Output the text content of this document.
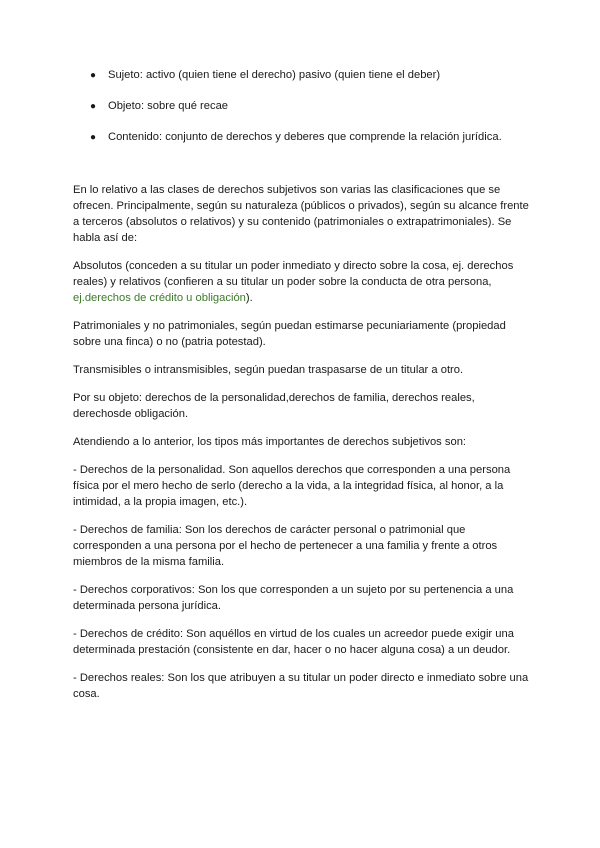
● Sujeto: activo (quien tiene el derecho) pasivo (quien tiene el deber)
● Objeto: sobre qué recae
● Contenido: conjunto de derechos y deberes que comprende la relación jurídica.

En lo relativo a las clases de derechos subjetivos son varias las clasificaciones que se ofrecen. Principalmente, según su naturaleza (públicos o privados), según su alcance frente a terceros (absolutos o relativos) y su contenido (patrimoniales o extrapatrimoniales). Se habla así de:

Absolutos (conceden a su titular un poder inmediato y directo sobre la cosa, ej. derechos reales) y relativos (confieren a su titular un poder sobre la conducta de otra persona, ej.derechos de crédito u obligación).

Patrimoniales y no patrimoniales, según puedan estimarse pecuniariamente (propiedad sobre una finca) o no (patria potestad).

Transmisibles o intransmisibles, según puedan traspasarse de un titular a otro.

Por su objeto: derechos de la personalidad,derechos de familia, derechos reales, derechosde obligación.

Atendiendo a lo anterior, los tipos más importantes de derechos subjetivos son:

- Derechos de la personalidad. Son aquellos derechos que corresponden a una persona física por el mero hecho de serlo (derecho a la vida, a la integridad física, al honor, a la intimidad, a la propia imagen, etc.).

- Derechos de familia: Son los derechos de carácter personal o patrimonial que corresponden a una persona por el hecho de pertenecer a una familia y frente a otros miembros de la misma familia.

- Derechos corporativos: Son los que corresponden a un sujeto por su pertenencia a una determinada persona jurídica.

- Derechos de crédito: Son aquéllos en virtud de los cuales un acreedor puede exigir una determinada prestación (consistente en dar, hacer o no hacer alguna cosa) a un deudor.

- Derechos reales: Son los que atribuyen a su titular un poder directo e inmediato sobre una cosa.
